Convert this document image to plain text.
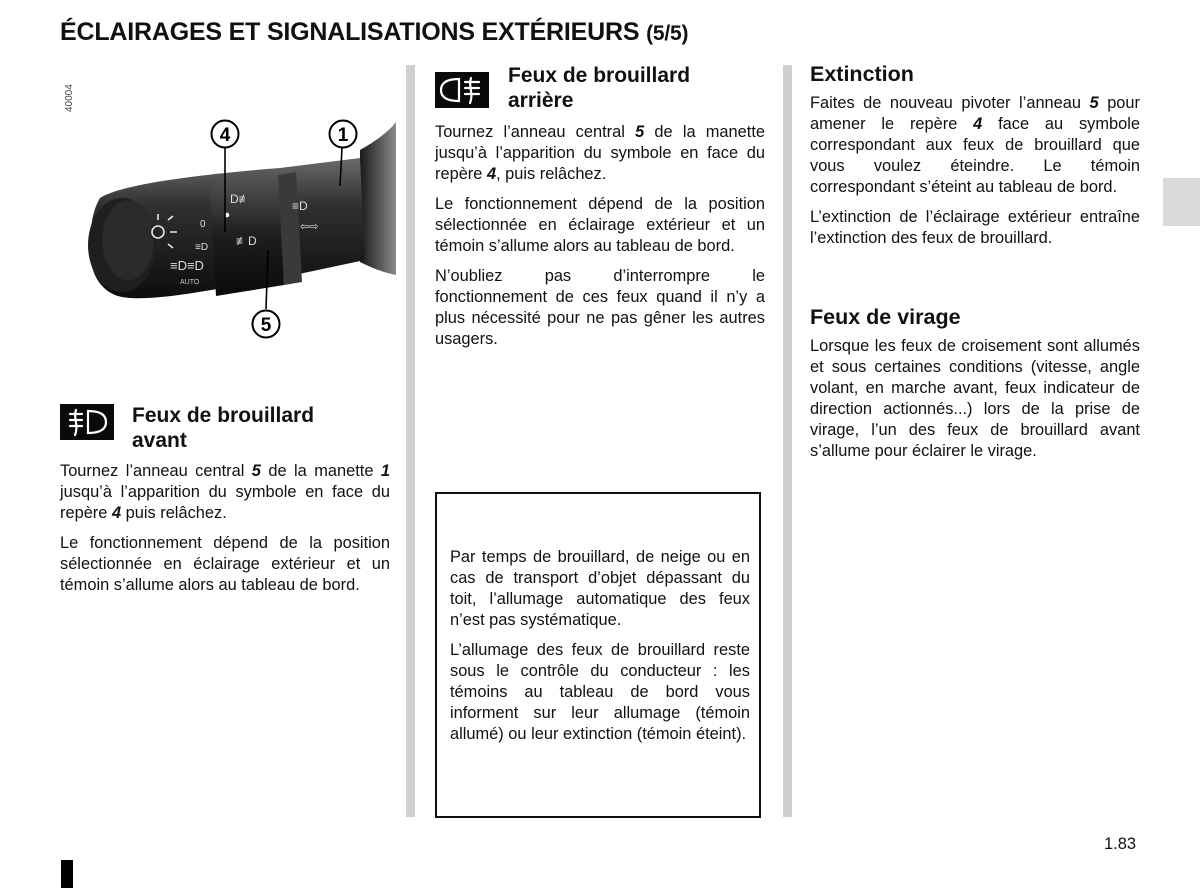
ÉCLAIRAGES ET SIGNALISATIONS EXTÉRIEURS (5/5)
40004
0
≡D
≡D≡D
AUTO
D≢
≢D
≡D
⇦⇨
4	1
5

Feux de brouillard

avant

Tournez l’anneau central 5 de la manette 1 jusqu’à l’apparition du symbole en face du repère 4 puis relâchez.

Le fonctionnement dépend de la position sélectionnée en éclairage extérieur et un témoin s’allume alors au tableau de bord.

Feux de brouillard

arrière

Tournez l’anneau central 5 de la manette jusqu’à l’apparition du symbole en face du repère 4, puis relâchez.

Le fonctionnement dépend de la position sélectionnée en éclairage extérieur et un témoin s’allume alors au tableau de bord.

N’oubliez pas d’interrompre le fonctionnement de ces feux quand il n’y a plus nécessité pour ne pas gêner les autres usagers.

Par temps de brouillard, de neige ou en cas de transport d’objet dépassant du toit, l’allumage automatique des feux n’est pas systématique.

L’allumage des feux de brouillard reste sous le contrôle du conducteur : les témoins au tableau de bord vous informent sur leur allumage (témoin allumé) ou leur extinction (témoin éteint).

Extinction

Faites de nouveau pivoter l’anneau 5 pour amener le repère 4 face au symbole correspondant aux feux de brouillard que vous voulez éteindre. Le témoin correspondant s’éteint au tableau de bord.

L’extinction de l’éclairage extérieur entraîne l’extinction des feux de brouillard.

Feux de virage

Lorsque les feux de croisement sont allumés et sous certaines conditions (vitesse, angle volant, en marche avant, feux indicateur de direction actionnés...) lors de la prise de virage, l’un des feux de brouillard avant s’allume pour éclairer le virage.

1.83
